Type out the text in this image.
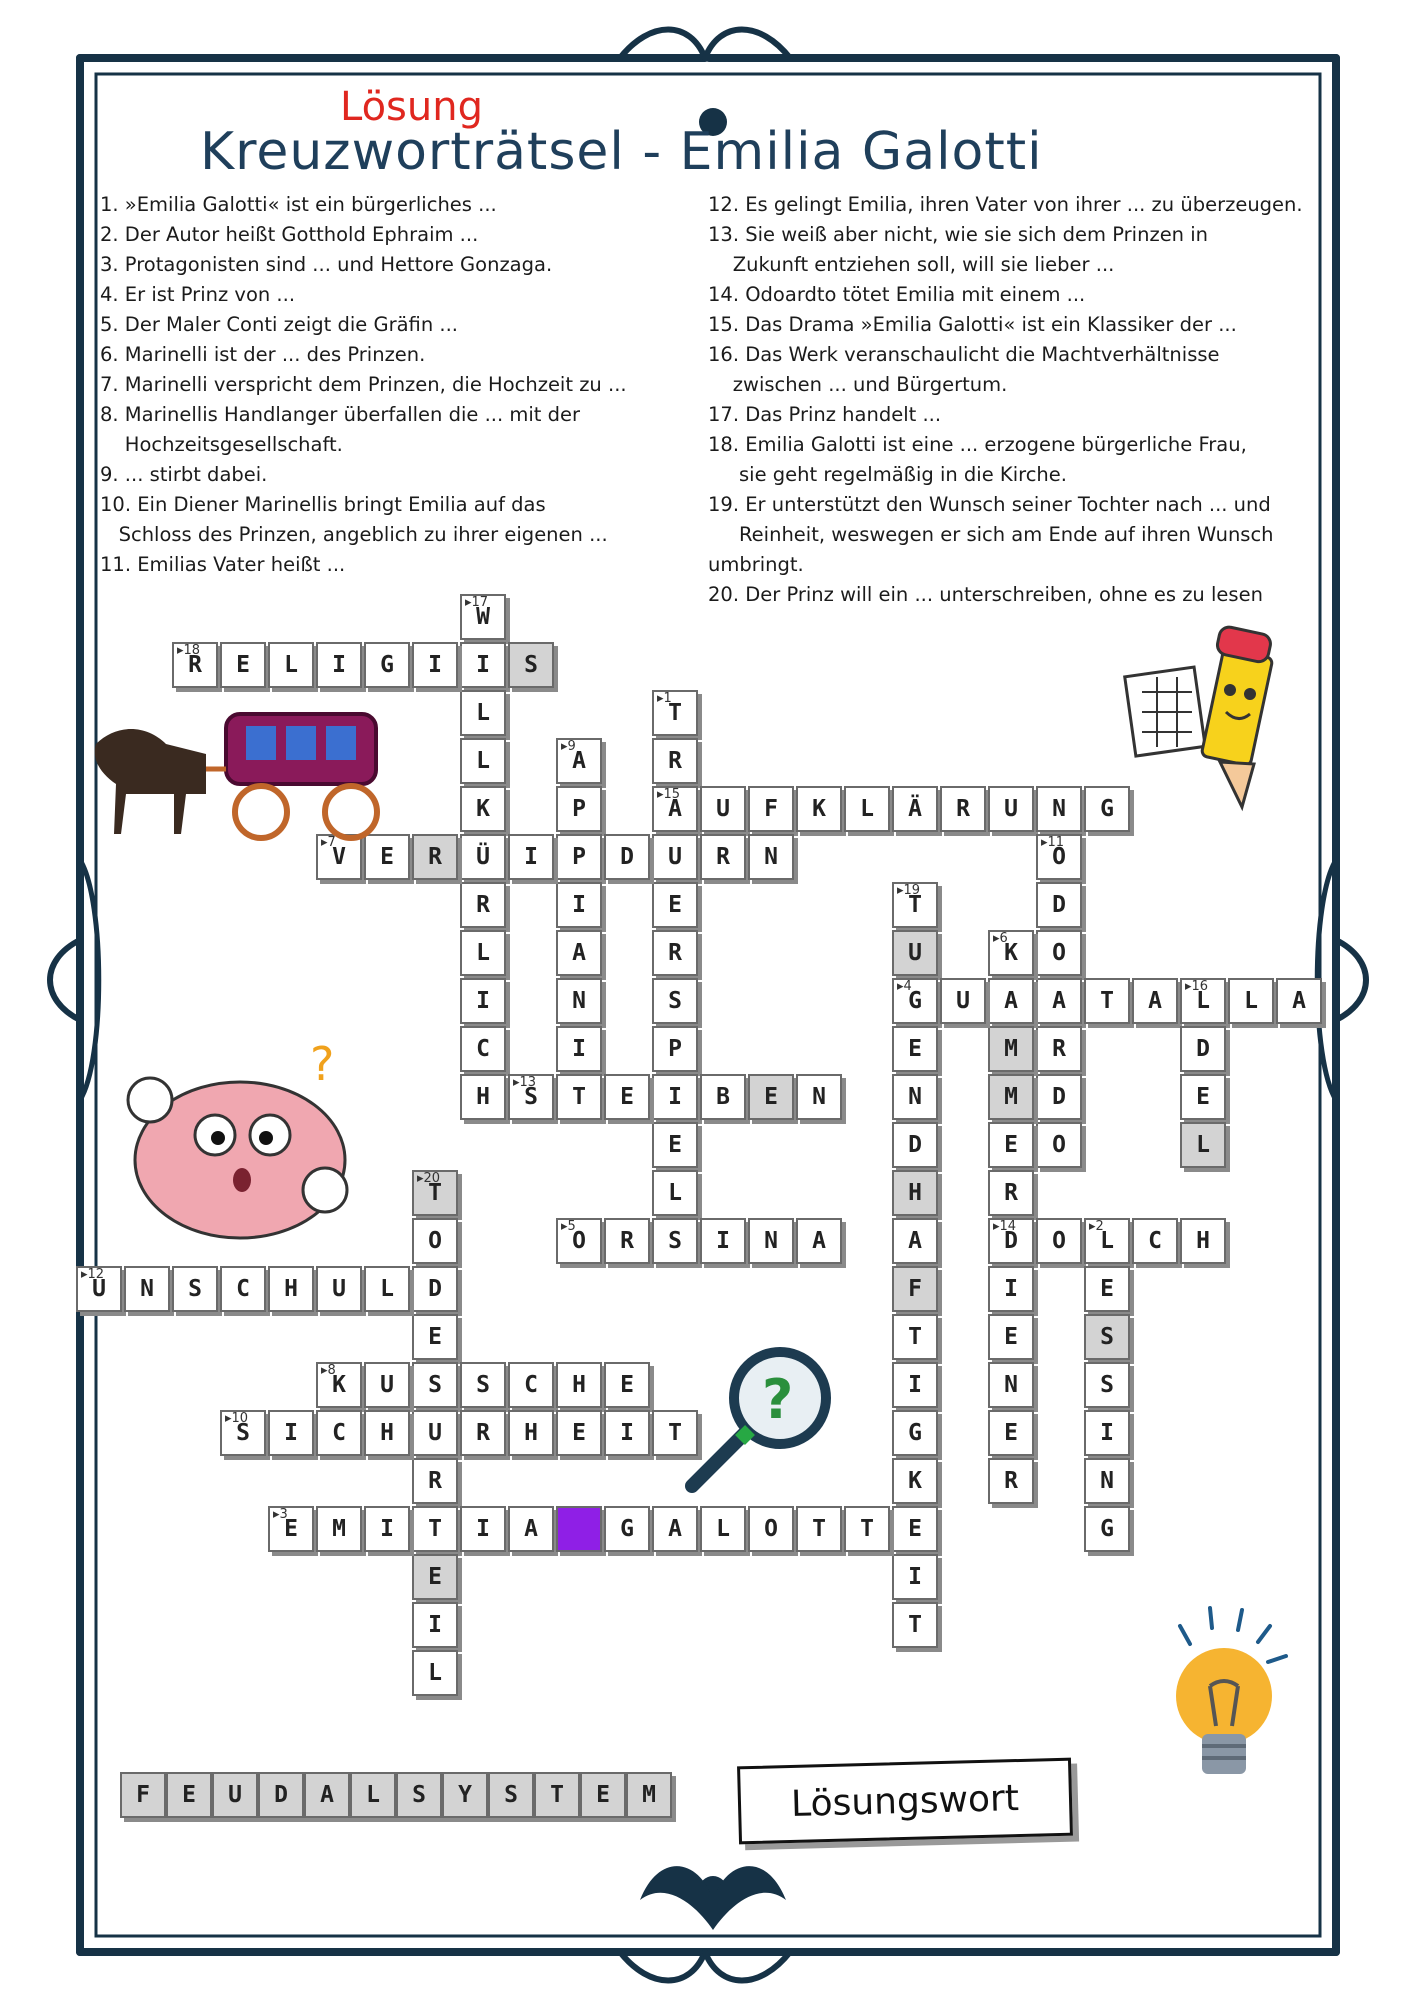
Lösung
Kreuzworträtsel - Emilia Galotti
1. »Emilia Galotti« ist ein bürgerliches ...
2. Der Autor heißt Gotthold Ephraim ...
3. Protagonisten sind ... und Hettore Gonzaga.
4. Er ist Prinz von ...
5. Der Maler Conti zeigt die Gräfin ...
6. Marinelli ist der ... des Prinzen.
7. Marinelli verspricht dem Prinzen, die Hochzeit zu ...
8. Marinellis Handlanger überfallen die ... mit der
Hochzeitsgesellschaft.
9. ... stirbt dabei.
10. Ein Diener Marinellis bringt Emilia auf das
Schloss des Prinzen, angeblich zu ihrer eigenen ...
11. Emilias Vater heißt ...
12. Es gelingt Emilia, ihren Vater von ihrer ... zu überzeugen.
13. Sie weiß aber nicht, wie sie sich dem Prinzen in
Zukunft entziehen soll, will sie lieber ...
14. Odoardto tötet Emilia mit einem ...
15. Das Drama »Emilia Galotti« ist ein Klassiker der ...
16. Das Werk veranschaulicht die Machtverhältnisse
zwischen ... und Bürgertum.
17. Das Prinz handelt ...
18. Emilia Galotti ist eine ... erzogene bürgerliche Frau,
sie geht regelmäßig in die Kirche.
19. Er unterstützt den Wunsch seiner Tochter nach ... und
Reinheit, weswegen er sich am Ende auf ihren Wunsch
umbringt.
20. Der Prinz will ein ... unterschreiben, ohne es zu lesen
W
▸17
I
L
L
K
Ü
R
L
I
C
H
R
▸18
E L I G I	S
T
▸1
R
A
▸15
U
E
R
S
P
I
E
L
A
▸9
P
P
I
A
N
I
U F K L Ä R U N G
V
▸7
E R	I	D	R N	O
▸11
D
O
A
R
D
O
T
▸19
U
G
▸4
E
N
D
H
A
F
T
I
G
K
E
I
T
K
▸6
A
M
M
E
R
D
▸14
I
E
N
E
R
U	T A L
▸16
L A
D
E
L
S
▸13
T E	B E N
T
▸20
O
D
E
S
U
R
T
E
I
L
O
▸5
R S I N A	O L
▸2
C H
E
S
S
I
N
G
U
▸12
N S C H U L
K
▸8
U	S C H E
S
▸10
I C H	R H E I T
E
▸3
M I	I A	G A L O T T
?
?
F	E	U	D	A	L	S	Y	S	T	E	M	Lösungswort
